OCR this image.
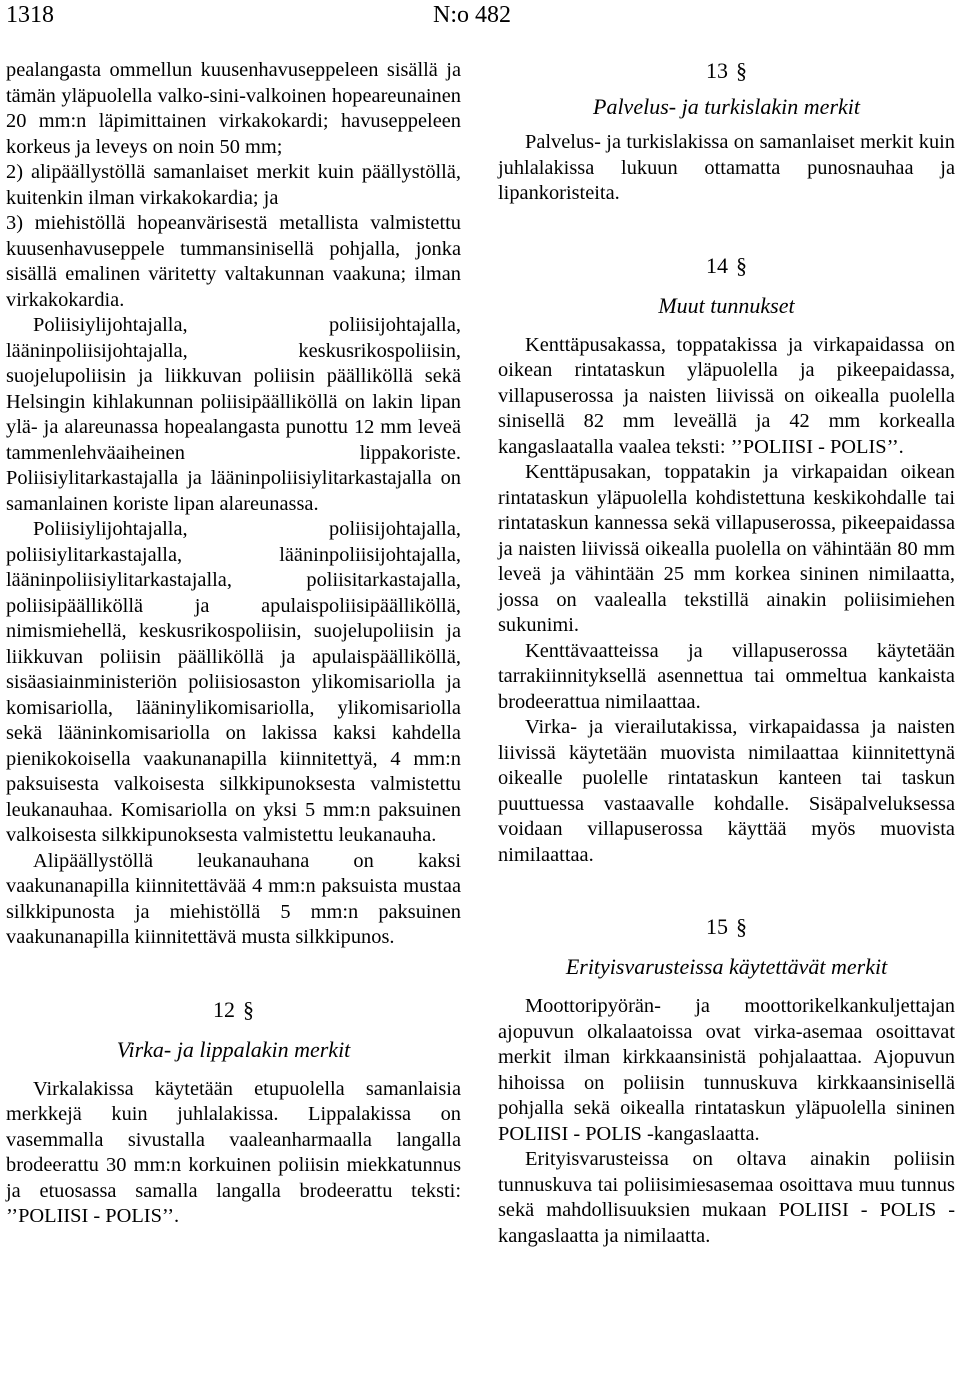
1318	N:o 482

pealangasta ommellun kuusenhavuseppeleen sisällä ja tämän yläpuolella valko-sini-valkoinen hopeareunainen 20 mm:n läpimittainen virkakokardi; havuseppeleen korkeus ja leveys on noin 50 mm;

2) alipäällystöllä samanlaiset merkit kuin päällystöllä, kuitenkin ilman virkakokardia; ja

3) miehistöllä hopeanvärisestä metallista valmistettu kuusenhavuseppele tummansinisellä pohjalla, jonka sisällä emalinen väritetty valtakunnan vaakuna; ilman virkakokardia.

Poliisiylijohtajalla, poliisijohtajalla, lääninpoliisijohtajalla, keskusrikospoliisin, suojelupoliisin ja liikkuvan poliisin päälliköllä sekä Helsingin kihlakunnan poliisipäälliköllä on lakin lipan ylä- ja alareunassa hopealangasta punottu 12 mm leveä tammenlehväaiheinen lippakoriste. Poliisiylitarkastajalla ja lääninpoliisiylitarkastajalla on samanlainen koriste lipan alareunassa.

Poliisiylijohtajalla, poliisijohtajalla, poliisiylitarkastajalla, lääninpoliisijohtajalla, lääninpoliisiylitarkastajalla, poliisitarkastajalla, poliisipäälliköllä ja apulaispoliisipäälliköllä, nimismiehellä, keskusrikospoliisin, suojelupoliisin ja liikkuvan poliisin päälliköllä ja apulaispäälliköllä, sisäasiainministeriön poliisiosaston ylikomisariolla ja komisariolla, lääninylikomisariolla, ylikomisariolla sekä lääninkomisariolla on lakissa kaksi kahdella pienikokoisella vaakunanapilla kiinnitettyä, 4 mm:n paksuisesta valkoisesta silkkipunoksesta valmistettu leukanauhaa. Komisariolla on yksi 5 mm:n paksuinen valkoisesta silkkipunoksesta valmistettu leukanauha.

Alipäällystöllä leukanauhana on kaksi vaakunanapilla kiinnitettävää 4 mm:n paksuista mustaa silkkipunosta ja miehistöllä 5 mm:n paksuinen vaakunanapilla kiinnitettävä musta silkkipunos.

12 §

Virka- ja lippalakin merkit

Virkalakissa käytetään etupuolella samanlaisia merkkejä kuin juhlalakissa. Lippalakissa on vasemmalla sivustalla vaaleanharmaalla langalla brodeerattu 30 mm:n korkuinen poliisin miekkatunnus ja etuosassa samalla langalla brodeerattu teksti: ’’POLIISI - POLIS’’.

13 §

Palvelus- ja turkislakin merkit

Palvelus- ja turkislakissa on samanlaiset merkit kuin juhlalakissa lukuun ottamatta punosnauhaa ja lipankoristeita.

14 §

Muut tunnukset

Kenttäpusakassa, toppatakissa ja virkapaidassa on oikean rintataskun yläpuolella ja pikeepaidassa, villapuserossa ja naisten liivissä on oikealla puolella sinisellä 82 mm leveällä ja 42 mm korkealla kangaslaatalla vaalea teksti: ’’POLIISI - POLIS’’.

Kenttäpusakan, toppatakin ja virkapaidan oikean rintataskun yläpuolella kohdistettuna keskikohdalle tai rintataskun kannessa sekä villapuserossa, pikeepaidassa ja naisten liivissä oikealla puolella on vähintään 80 mm leveä ja vähintään 25 mm korkea sininen nimilaatta, jossa on vaalealla tekstillä ainakin poliisimiehen sukunimi.

Kenttävaatteissa ja villapuserossa käytetään tarrakiinnityksellä asennettua tai ommeltua kankaista brodeerattua nimilaattaa.

Virka- ja vierailutakissa, virkapaidassa ja naisten liivissä käytetään muovista nimilaattaa kiinnitettynä oikealle puolelle rintataskun kanteen tai taskun puuttuessa vastaavalle kohdalle. Sisäpalveluksessa voidaan villapuserossa käyttää myös muovista nimilaattaa.

15 §

Erityisvarusteissa käytettävät merkit

Moottoripyörän- ja moottorikelkankuljettajan ajopuvun olkalaatoissa ovat virka-asemaa osoittavat merkit ilman kirkkaansinistä pohjalaattaa. Ajopuvun hihoissa on poliisin tunnuskuva kirkkaansinisellä pohjalla sekä oikealla rintataskun yläpuolella sininen POLIISI - POLIS -kangaslaatta.

Erityisvarusteissa on oltava ainakin poliisin tunnuskuva tai poliisimiesasemaa osoittava muu tunnus sekä mahdollisuuksien mukaan POLIISI - POLIS -kangaslaatta ja nimilaatta.
